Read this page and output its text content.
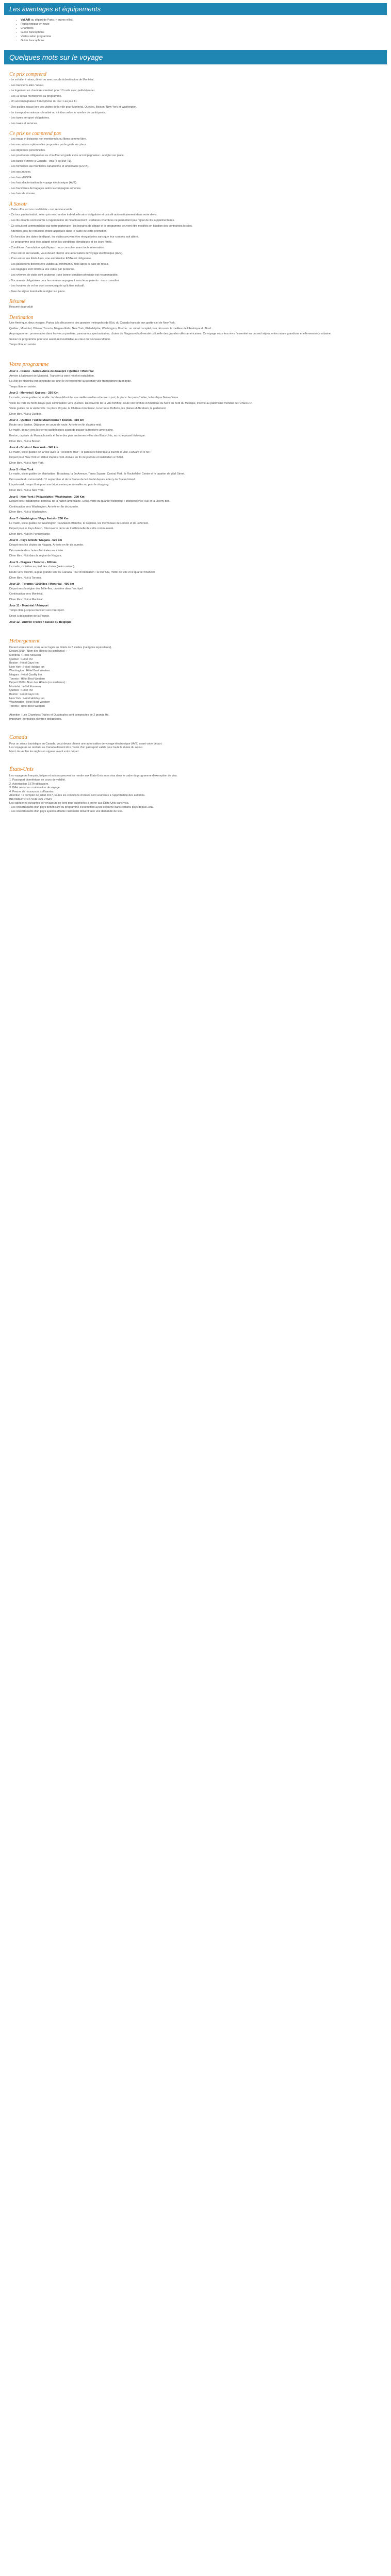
Les avantages et équipements
• Vol A/R au départ de Paris (+ autres villes)
• Repas typique en route
• Chambres
• Guide francophone
• Visites selon programme
• Guide francophone
Quelques mots sur le voyage
Ce prix comprend
- Le vol aller / retour, direct ou avec escale à destination de Montréal.
- Les transferts aller / retour.
- Le logement en chambre standard pour 10 nuits avec petit-déjeuner.
- Les 13 repas mentionnés au programme.
- Un accompagnateur francophone du jour 1 au jour 11.
- Des guides locaux lors des visites de la ville pour Montréal, Québec, Boston, New York et Washington.
- Le transport en autocar climatisé ou minibus selon le nombre de participants.
- Les taxes aéroport obligatoires.
- Les taxes et services.
Ce prix ne comprend pas
- Les repas et boissons non mentionnés ou libres comme libre.
- Les excursions optionnelles proposées par le guide sur place.
- Les dépenses personnelles.
- Les pourboires obligatoires au chauffeur et guide et/ou accompagnateur - à régler sur place.
- Les taxes d'entrée à Canada - visa (à ce jour 7$).
- Les formalités aux frontières canadienne et américaine (ESTA).
- Les assurances.
- Les frais d'ESTA.
- Les frais d'autorisation de voyage électronique (AVE).
- Les franchises de bagages selon la compagnie aérienne.
- Les frais de dossier.
À Savoir
- Cette offre est non modifiable - non remboursable
- Ce tour partira traduit, selon prix en chambre individuelle ainsi obligatoire et calculé automatiquement dans votre devis.
- Les lits enfants sont soumis à l'approbation de l'établissement ; certaines chambres ne permettent pas l'ajout de lits supplémentaires.
- Ce circuit est commercialisé par notre partenaire ; les horaires de départ et le programme peuvent être modifiés en fonction des contraintes locales.
- Attention, pas de réduction enfant appliquée dans le cadre de cette promotion.
- En fonction des dates de départ, les visites peuvent être réorganisées sans que leur contenu soit altéré.
- Le programme peut être adapté selon les conditions climatiques et les jours fériés.
- Conditions d'annulation spécifiques : nous consulter avant toute réservation.
- Pour entrer au Canada, vous devez obtenir une autorisation de voyage électronique (AVE).
- Pour entrer aux États-Unis, une autorisation ESTA est obligatoire.
- Les passeports doivent être valides au minimum 6 mois après la date de retour.
- Les bagages sont limités à une valise par personne.
- Les rythmes de visite sont soutenus : une bonne condition physique est recommandée.
- Documents obligatoires pour les mineurs voyageant sans leurs parents : nous consulter.
- Les horaires de vol ne sont communiqués qu'à titre indicatif.
- Taxe de séjour éventuelle à régler sur place.
Résumé
Résumé du produit
Destination
Une Amérique, deux visages. Partez à la découverte des grandes métropoles de l'Est, du Canada français aux gratte-ciel de New York.
Québec, Montréal, Ottawa, Toronto, Niagara Falls, New York, Philadelphie, Washington, Boston : un circuit complet pour découvrir le meilleur de l'Amérique du Nord.
Au programme : promenades dans les vieux quartiers, panoramas spectaculaires, chutes du Niagara et la diversité culturelle des grandes villes américaines. Ce voyage vous fera vivre l'essentiel en un seul séjour, entre nature grandiose et effervescence urbaine.
Suivez ce programme pour une aventure inoubliable au cœur du Nouveau Monde.
Temps libre en soirée.
Votre programme
Jour 1 - France - Sainte-Anne-de-Beaupré / Québec / Montréal
Arrivée à l'aéroport de Montréal. Transfert à votre hôtel et installation.
La ville de Montréal est construite sur une île et représente la seconde ville francophone du monde.
Temps libre en soirée.
Jour 2 - Montréal / Québec - 250 Km
Le matin, visite guidée de la ville : le Vieux-Montréal aux vieilles ruelles et le vieux port, la place Jacques-Cartier, la basilique Notre-Dame.
Visite du Parc du Mont-Royal puis continuation vers Québec. Découverte de la ville fortifiée, seule cité fortifiée d'Amérique du Nord au nord du Mexique, inscrite au patrimoine mondial de l'UNESCO.
Visite guidée de la vieille ville : la place Royale, le Château Frontenac, la terrasse Dufferin, les plaines d'Abraham, le parlement.
Dîner libre. Nuit à Québec.
Jour 3 - Québec / Vallée Mauricienne / Boston - 410 km
Route vers Boston. Déjeuner en cours de route. Arrivée en fin d'après-midi.
Le matin, départ vers les terres québécoises avant de passer la frontière américaine.
Boston, capitale du Massachusetts et l'une des plus anciennes villes des États-Unis, au riche passé historique.
Dîner libre. Nuit à Boston.
Jour 4 - Boston / New York - 345 km
Le matin, visite guidée de la ville avec la "Freedom Trail" : le parcours historique à travers la ville, Harvard et le MIT.
Départ pour New York en début d'après-midi. Arrivée en fin de journée et installation à l'hôtel.
Dîner libre. Nuit à New York.
Jour 5 - New York
Le matin, visite guidée de Manhattan : Broadway, la 5e Avenue, Times Square, Central Park, le Rockefeller Center et le quartier de Wall Street.
Découverte du mémorial du 11 septembre et de la Statue de la Liberté depuis le ferry de Staten Island.
L'après-midi, temps libre pour vos découvertes personnelles ou pour le shopping.
Dîner libre. Nuit à New York.
Jour 6 - New York / Philadelphie / Washington - 390 Km
Départ vers Philadelphie, berceau de la nation américaine. Découverte du quartier historique : Independence Hall et la Liberty Bell.
Continuation vers Washington. Arrivée en fin de journée.
Dîner libre. Nuit à Washington.
Jour 7 - Washington / Pays Amish - 230 Km
Le matin, visite guidée de Washington : la Maison-Blanche, le Capitole, les mémoriaux de Lincoln et de Jefferson.
Départ pour le Pays Amish. Découverte de la vie traditionnelle de cette communauté.
Dîner libre. Nuit en Pennsylvanie.
Jour 8 - Pays Amish / Niagara - 520 km
Départ vers les chutes du Niagara. Arrivée en fin de journée.
Découverte des chutes illuminées en soirée.
Dîner libre. Nuit dans la région de Niagara.
Jour 9 - Niagara / Toronto - 180 km
Le matin, croisière au pied des chutes (selon saison).
Route vers Toronto, la plus grande ville du Canada. Tour d'orientation : la tour CN, l'hôtel de ville et le quartier financier.
Dîner libre. Nuit à Toronto.
Jour 10 - Toronto / 1000 Iles / Montréal - 490 km
Départ vers la région des Mille-Îles, croisière dans l'archipel.
Continuation vers Montréal.
Dîner libre. Nuit à Montréal.
Jour 11 - Montréal / Aéroport
Temps libre jusqu'au transfert vers l'aéroport.
Envol à destination de la France.
Jour 12 - Arrivée France / Suisse ou Belgique
Hébergement
Durant votre circuit, vous serez logés en hôtels de 3 étoiles (catégorie équivalente).
Départ 2019 - Nom des Hôtels (ou similaires) :
Montréal : Hôtel Nouveau
Québec : Hôtel Pur
Boston : Hôtel Days Inn
New York : Hôtel Holiday Inn
Washington : Hôtel Best Western
Niagara : Hôtel Quality Inn
Toronto : Hôtel Best Western
Départ 2020 - Nom des Hôtels (ou similaires) :
Montréal : Hôtel Nouveau
Québec : Hôtel Pur
Boston : Hôtel Days Inn
New York : Hôtel Holiday Inn
Washington : Hôtel Best Western
Toronto : Hôtel Best Western
Attention : Les Chambres Triples et Quadruples sont composées de 2 grands lits.
Important : formalités d'entrée obligatoires.
Canada
Pour un séjour touristique au Canada, vous devez obtenir une autorisation de voyage électronique (AVE) avant votre départ.
Les voyageurs se rendant au Canada doivent être munis d'un passeport valide pour toute la durée du séjour.
Merci de vérifier les règles en vigueur avant votre départ.
États-Unis
Les voyageurs français, belges et suisses peuvent se rendre aux États-Unis sans visa dans le cadre du programme d'exemption de visa.
1. Passeport biométrique en cours de validité.
2. Autorisation ESTA obligatoire.
3. Billet retour ou continuation de voyage.
4. Preuve de ressources suffisantes.
Attention : à compter de juillet 2017, toutes les conditions d'entrée sont soumises à l'approbation des autorités.
INFORMATIONS SUR LES VISAS
Les catégories suivantes de voyageurs ne sont plus autorisées à entrer aux États-Unis sans visa.
- Les ressortissants d'un pays bénéficiant du programme d'exemption ayant séjourné dans certains pays depuis 2011.
- Les ressortissants d'un pays ayant la double nationalité doivent faire une demande de visa.
